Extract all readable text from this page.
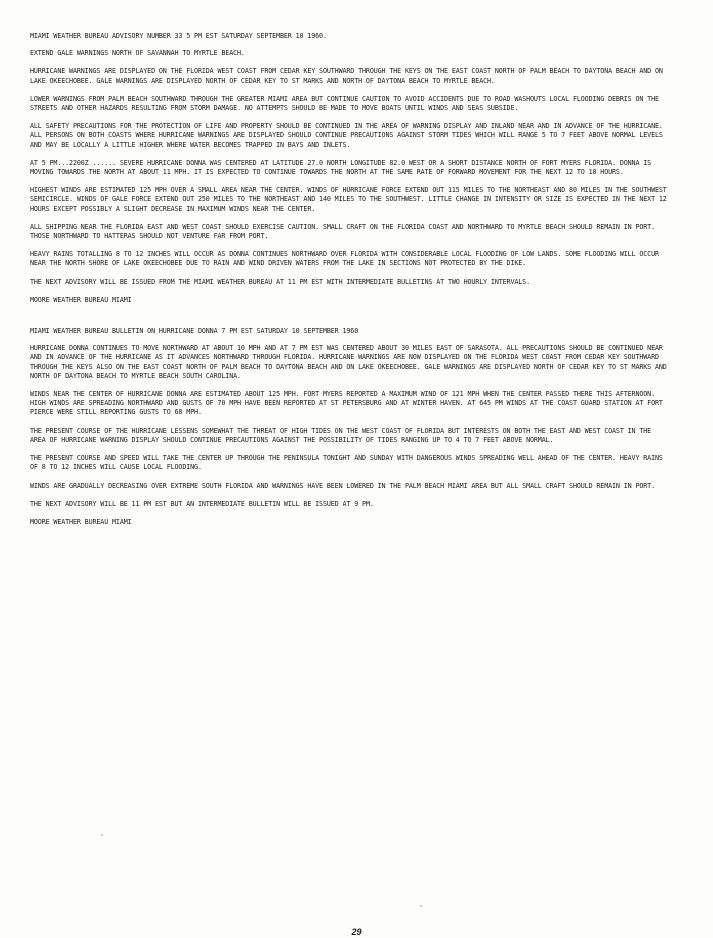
MIAMI WEATHER BUREAU ADVISORY NUMBER 33 5 PM EST SATURDAY SEPTEMBER 10 1960.

EXTEND GALE WARNINGS NORTH OF SAVANNAH TO MYRTLE BEACH.

HURRICANE WARNINGS ARE DISPLAYED ON THE FLORIDA WEST COAST FROM CEDAR KEY SOUTHWARD THROUGH THE KEYS ON THE EAST COAST NORTH OF PALM BEACH TO DAYTONA BEACH AND ON LAKE OKEECHOBEE. GALE WARNINGS ARE DISPLAYED NORTH OF CEDAR KEY TO ST MARKS AND NORTH OF DAYTONA BEACH TO MYRTLE BEACH.

LOWER WARNINGS FROM PALM BEACH SOUTHWARD THROUGH THE GREATER MIAMI AREA BUT CONTINUE CAUTION TO AVOID ACCIDENTS DUE TO ROAD WASHOUTS LOCAL FLOODING DEBRIS ON THE STREETS AND OTHER HAZARDS RESULTING FROM STORM DAMAGE. NO ATTEMPTS SHOULD BE MADE TO MOVE BOATS UNTIL WINDS AND SEAS SUBSIDE.

ALL SAFETY PRECAUTIONS FOR THE PROTECTION OF LIFE AND PROPERTY SHOULD BE CONTINUED IN THE AREA OF WARNING DISPLAY AND INLAND NEAR AND IN ADVANCE OF THE HURRICANE. ALL PERSONS ON BOTH COASTS WHERE HURRICANE WARNINGS ARE DISPLAYED SHOULD CONTINUE PRECAUTIONS AGAINST STORM TIDES WHICH WILL RANGE 5 TO 7 FEET ABOVE NORMAL LEVELS AND MAY BE LOCALLY A LITTLE HIGHER WHERE WATER BECOMES TRAPPED IN BAYS AND INLETS.

AT 5 PM...2200Z ...... SEVERE HURRICANE DONNA WAS CENTERED AT LATITUDE 27.0 NORTH LONGITUDE 82.0 WEST OR A SHORT DISTANCE NORTH OF FORT MYERS FLORIDA. DONNA IS MOVING TOWARDS THE NORTH AT ABOUT 11 MPH. IT IS EXPECTED TO CONTINUE TOWARDS THE NORTH AT THE SAME RATE OF FORWARD MOVEMENT FOR THE NEXT 12 TO 18 HOURS.

HIGHEST WINDS ARE ESTIMATED 125 MPH OVER A SMALL AREA NEAR THE CENTER. WINDS OF HURRICANE FORCE EXTEND OUT 115 MILES TO THE NORTHEAST AND 80 MILES IN THE SOUTHWEST SEMICIRCLE. WINDS OF GALE FORCE EXTEND OUT 250 MILES TO THE NORTHEAST AND 140 MILES TO THE SOUTHWEST. LITTLE CHANGE IN INTENSITY OR SIZE IS EXPECTED IN THE NEXT 12 HOURS EXCEPT POSSIBLY A SLIGHT DECREASE IN MAXIMUM WINDS NEAR THE CENTER.

ALL SHIPPING NEAR THE FLORIDA EAST AND WEST COAST SHOULD EXERCISE CAUTION. SMALL CRAFT ON THE FLORIDA COAST AND NORTHWARD TO MYRTLE BEACH SHOULD REMAIN IN PORT. THOSE NORTHWARD TO HATTERAS SHOULD NOT VENTURE FAR FROM PORT.

HEAVY RAINS TOTALLING 8 TO 12 INCHES WILL OCCUR AS DONNA CONTINUES NORTHWARD OVER FLORIDA WITH CONSIDERABLE LOCAL FLOODING OF LOW LANDS. SOME FLOODING WILL OCCUR NEAR THE NORTH SHORE OF LAKE OKEECHOBEE DUE TO RAIN AND WIND DRIVEN WATERS FROM THE LAKE IN SECTIONS NOT PROTECTED BY THE DIKE.

THE NEXT ADVISORY WILL BE ISSUED FROM THE MIAMI WEATHER BUREAU AT 11 PM EST WITH INTERMEDIATE BULLETINS AT TWO HOURLY INTERVALS.

MOORE WEATHER BUREAU MIAMI

MIAMI WEATHER BUREAU BULLETIN ON HURRICANE DONNA 7 PM EST SATURDAY 10 SEPTEMBER 1960

HURRICANE DONNA CONTINUES TO MOVE NORTHWARD AT ABOUT 10 MPH AND AT 7 PM EST WAS CENTERED ABOUT 30 MILES EAST OF SARASOTA. ALL PRECAUTIONS SHOULD BE CONTINUED NEAR AND IN ADVANCE OF THE HURRICANE AS IT ADVANCES NORTHWARD THROUGH FLORIDA. HURRICANE WARNINGS ARE NOW DISPLAYED ON THE FLORIDA WEST COAST FROM CEDAR KEY SOUTHWARD THROUGH THE KEYS ALSO ON THE EAST COAST NORTH OF PALM BEACH TO DAYTONA BEACH AND ON LAKE OKEECHOBEE. GALE WARNINGS ARE DISPLAYED NORTH OF CEDAR KEY TO ST MARKS AND NORTH OF DAYTONA BEACH TO MYRTLE BEACH SOUTH CAROLINA.

WINDS NEAR THE CENTER OF HURRICANE DONNA ARE ESTIMATED ABOUT 125 MPH. FORT MYERS REPORTED A MAXIMUM WIND OF 121 MPH WHEN THE CENTER PASSED THERE THIS AFTERNOON. HIGH WINDS ARE SPREADING NORTHWARD AND GUSTS OF 70 MPH HAVE BEEN REPORTED AT ST PETERSBURG AND AT WINTER HAVEN. AT 645 PM WINDS AT THE COAST GUARD STATION AT FORT PIERCE WERE STILL REPORTING GUSTS TO 68 MPH.

THE PRESENT COURSE OF THE HURRICANE LESSENS SOMEWHAT THE THREAT OF HIGH TIDES ON THE WEST COAST OF FLORIDA BUT INTERESTS ON BOTH THE EAST AND WEST COAST IN THE AREA OF HURRICANE WARNING DISPLAY SHOULD CONTINUE PRECAUTIONS AGAINST THE POSSIBILITY OF TIDES RANGING UP TO 4 TO 7 FEET ABOVE NORMAL.

THE PRESENT COURSE AND SPEED WILL TAKE THE CENTER UP THROUGH THE PENINSULA TONIGHT AND SUNDAY WITH DANGEROUS WINDS SPREADING WELL AHEAD OF THE CENTER. HEAVY RAINS OF 8 TO 12 INCHES WILL CAUSE LOCAL FLOODING.

WINDS ARE GRADUALLY DECREASING OVER EXTREME SOUTH FLORIDA AND WARNINGS HAVE BEEN LOWERED IN THE PALM BEACH MIAMI AREA BUT ALL SMALL CRAFT SHOULD REMAIN IN PORT.

THE NEXT ADVISORY WILL BE 11 PM EST BUT AN INTERMEDIATE BULLETIN WILL BE ISSUED AT 9 PM.

MOORE WEATHER BUREAU MIAMI

29
